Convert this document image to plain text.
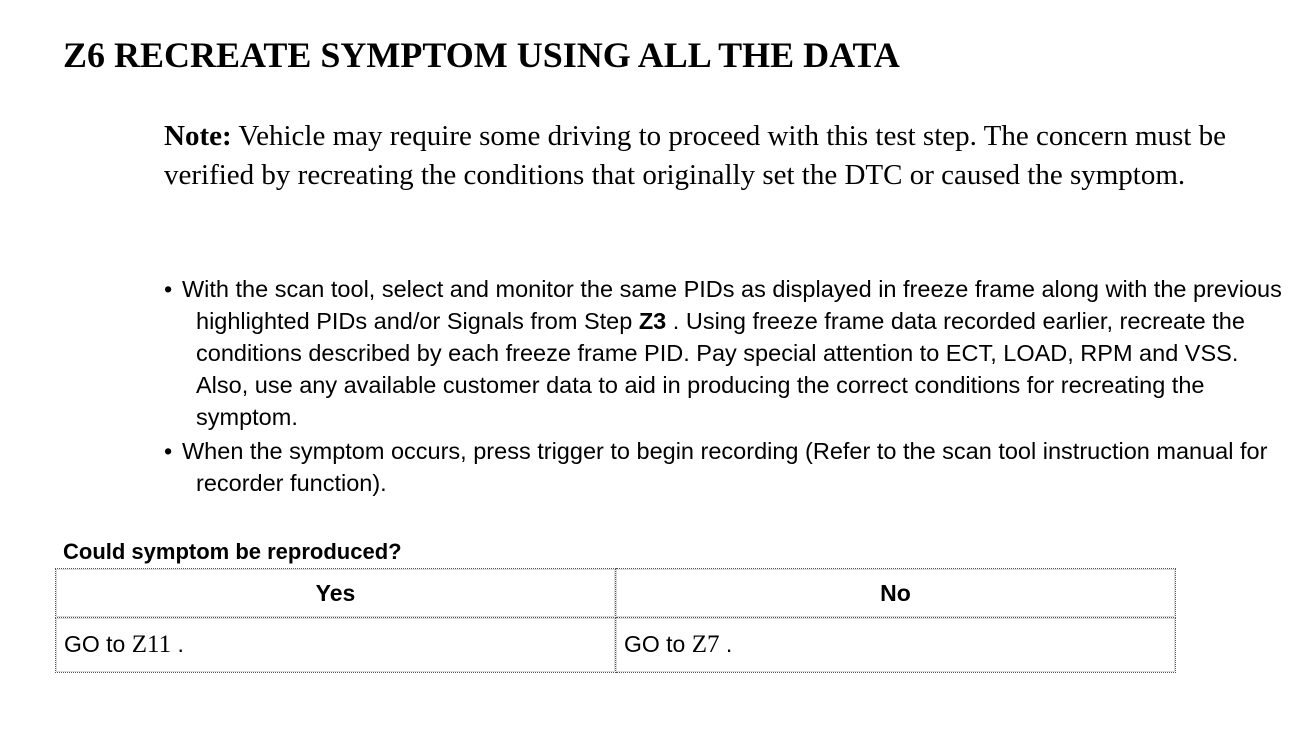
Z6 RECREATE SYMPTOM USING ALL THE DATA

Note: Vehicle may require some driving to proceed with this test step. The concern must be verified by recreating the conditions that originally set the DTC or caused the symptom.

• With the scan tool, select and monitor the same PIDs as displayed in freeze frame along with the previous highlighted PIDs and/or Signals from Step Z3 . Using freeze frame data recorded earlier, recreate the conditions described by each freeze frame PID. Pay special attention to ECT, LOAD, RPM and VSS. Also, use any available customer data to aid in producing the correct conditions for recreating the symptom.
• When the symptom occurs, press trigger to begin recording (Refer to the scan tool instruction manual for recorder function).

Could symptom be reproduced?

Yes	No
GO to Z11 .	GO to Z7 .
